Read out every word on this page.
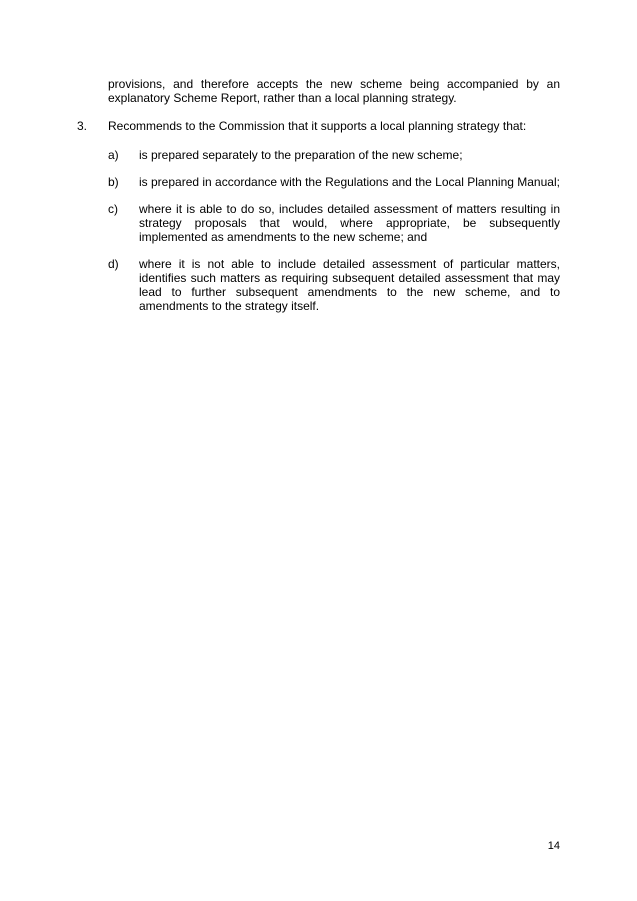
provisions, and therefore accepts the new scheme being accompanied by an explanatory Scheme Report, rather than a local planning strategy.
3. Recommends to the Commission that it supports a local planning strategy that:
a) is prepared separately to the preparation of the new scheme;
b) is prepared in accordance with the Regulations and the Local Planning Manual;
c) where it is able to do so, includes detailed assessment of matters resulting in strategy proposals that would, where appropriate, be subsequently implemented as amendments to the new scheme; and
d) where it is not able to include detailed assessment of particular matters, identifies such matters as requiring subsequent detailed assessment that may lead to further subsequent amendments to the new scheme, and to amendments to the strategy itself.
14
